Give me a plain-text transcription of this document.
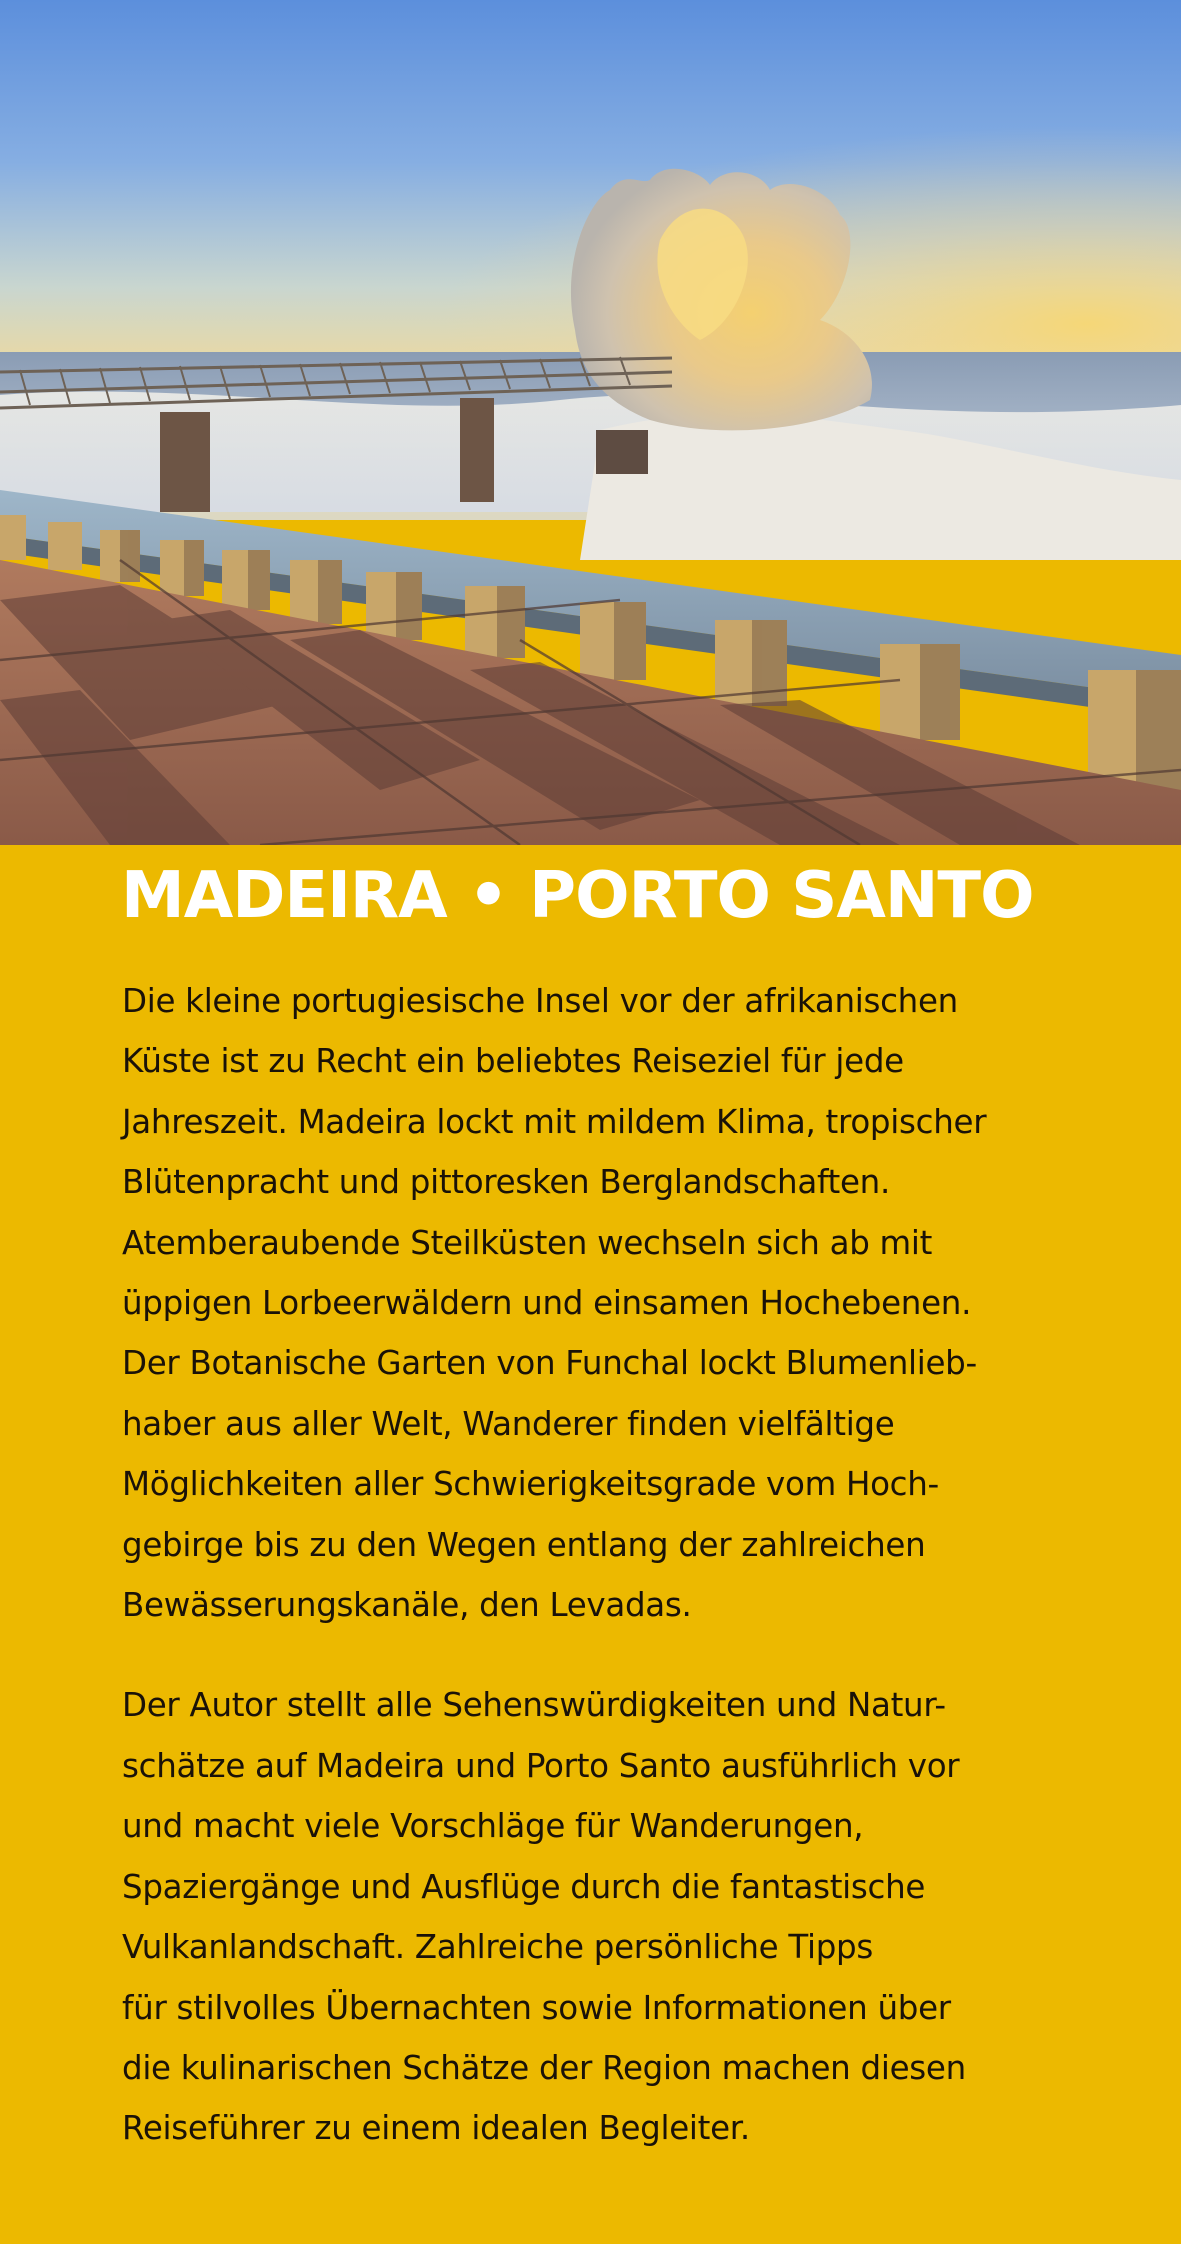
MADEIRA • PORTO SANTO

Die kleine portugiesische Insel vor der afrikanischen
Küste ist zu Recht ein beliebtes Reiseziel für jede
Jahreszeit. Madeira lockt mit mildem Klima, tropischer
Blütenpracht und pittoresken Berglandschaften.
Atemberaubende Steilküsten wechseln sich ab mit
üppigen Lorbeerwäldern und einsamen Hochebenen.
Der Botanische Garten von Funchal lockt Blumenlieb-
haber aus aller Welt, Wanderer finden vielfältige
Möglichkeiten aller Schwierigkeitsgrade vom Hoch-
gebirge bis zu den Wegen entlang der zahlreichen
Bewässerungskanäle, den Levadas.

Der Autor stellt alle Sehenswürdigkeiten und Natur-
schätze auf Madeira und Porto Santo ausführlich vor
und macht viele Vorschläge für Wanderungen,
Spaziergänge und Ausflüge durch die fantastische
Vulkanlandschaft. Zahlreiche persönliche Tipps
für stilvolles Übernachten sowie Informationen über
die kulinarischen Schätze der Region machen diesen
Reiseführer zu einem idealen Begleiter.
